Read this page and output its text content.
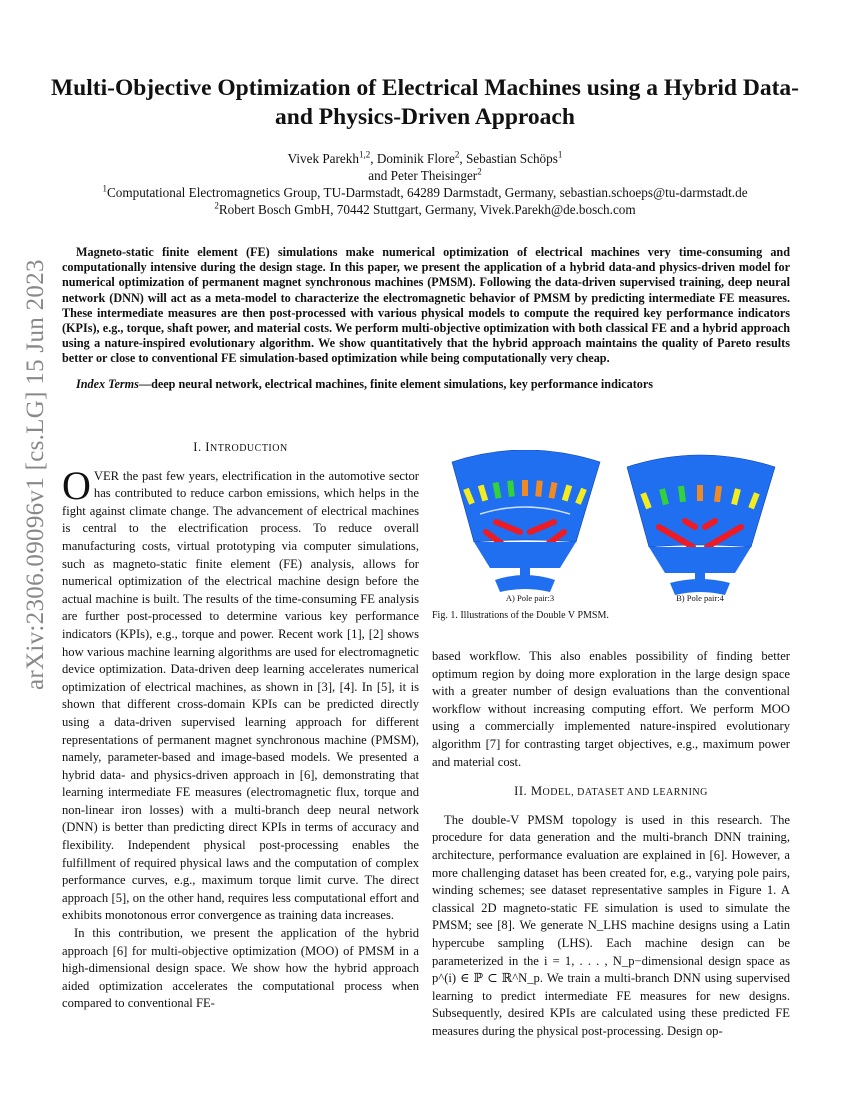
arXiv:2306.09096v1 [cs.LG] 15 Jun 2023
Multi-Objective Optimization of Electrical Machines using a Hybrid Data-and Physics-Driven Approach
Vivek Parekh$^{1,2}$, Dominik Flore$^2$, Sebastian Schöps$^1$
and Peter Theisinger$^2$
$^1$Computational Electromagnetics Group, TU-Darmstadt, 64289 Darmstadt, Germany, sebastian.schoeps@tu-darmstadt.de
$^2$Robert Bosch GmbH, 70442 Stuttgart, Germany, Vivek.Parekh@de.bosch.com
Magneto-static finite element (FE) simulations make numerical optimization of electrical machines very time-consuming and computationally intensive during the design stage. In this paper, we present the application of a hybrid data-and physics-driven model for numerical optimization of permanent magnet synchronous machines (PMSM). Following the data-driven supervised training, deep neural network (DNN) will act as a meta-model to characterize the electromagnetic behavior of PMSM by predicting intermediate FE measures. These intermediate measures are then post-processed with various physical models to compute the required key performance indicators (KPIs), e.g., torque, shaft power, and material costs. We perform multi-objective optimization with both classical FE and a hybrid approach using a nature-inspired evolutionary algorithm. We show quantitatively that the hybrid approach maintains the quality of Pareto results better or close to conventional FE simulation-based optimization while being computationally very cheap.
Index Terms—deep neural network, electrical machines, finite element simulations, key performance indicators
I. INTRODUCTION

OVER the past few years, electrification in the automotive sector has contributed to reduce carbon emissions, which helps in the fight against climate change. The advancement of electrical machines is central to the electrification process. To reduce overall manufacturing costs, virtual prototyping via computer simulations, such as magneto-static finite element (FE) analysis, allows for numerical optimization of the electrical machine design before the actual machine is built. The results of the time-consuming FE analysis are further post-processed to determine various key performance indicators (KPIs), e.g., torque and power. Recent work [1], [2] shows how various machine learning algorithms are used for electromagnetic device optimization. Data-driven deep learning accelerates numerical optimization of electrical machines, as shown in [3], [4]. In [5], it is shown that different cross-domain KPIs can be predicted directly using a data-driven supervised learning approach for different representations of permanent magnet synchronous machine (PMSM), namely, parameter-based and image-based models. We presented a hybrid data- and physics-driven approach in [6], demonstrating that learning intermediate FE measures (electromagnetic flux, torque and non-linear iron losses) with a multi-branch deep neural network (DNN) is better than predicting direct KPIs in terms of accuracy and flexibility. Independent physical post-processing enables the fulfillment of required physical laws and the computation of complex performance curves, e.g., maximum torque limit curve. The direct approach [5], on the other hand, requires less computational effort and exhibits monotonous error convergence as training data increases.

In this contribution, we present the application of the hybrid approach [6] for multi-objective optimization (MOO) of PMSM in a high-dimensional design space. We show how the hybrid approach aided optimization accelerates the computational process when compared to conventional FE-

A) Pole pair:3	B) Pole pair:4
Fig. 1. Illustrations of the Double V PMSM.

based workflow. This also enables possibility of finding better optimum region by doing more exploration in the large design space with a greater number of design evaluations than the conventional workflow without increasing computing effort. We perform MOO using a commercially implemented nature-inspired evolutionary algorithm [7] for contrasting target objectives, e.g., maximum power and material cost.

II. MODEL, DATASET AND LEARNING

The double-V PMSM topology is used in this research. The procedure for data generation and the multi-branch DNN training, architecture, performance evaluation are explained in [6]. However, a more challenging dataset has been created for, e.g., varying pole pairs, winding schemes; see dataset representative samples in Figure 1. A classical 2D magneto-static FE simulation is used to simulate the PMSM; see [8]. We generate N_LHS machine designs using a Latin hypercube sampling (LHS). Each machine design can be parameterized in the i = 1, . . . , N_p−dimensional design space as p^(i) ∈ ℙ ⊂ ℝ^N_p. We train a multi-branch DNN using supervised learning to predict intermediate FE measures for new designs. Subsequently, desired KPIs are calculated using these predicted FE measures during the physical post-processing. Design op-
